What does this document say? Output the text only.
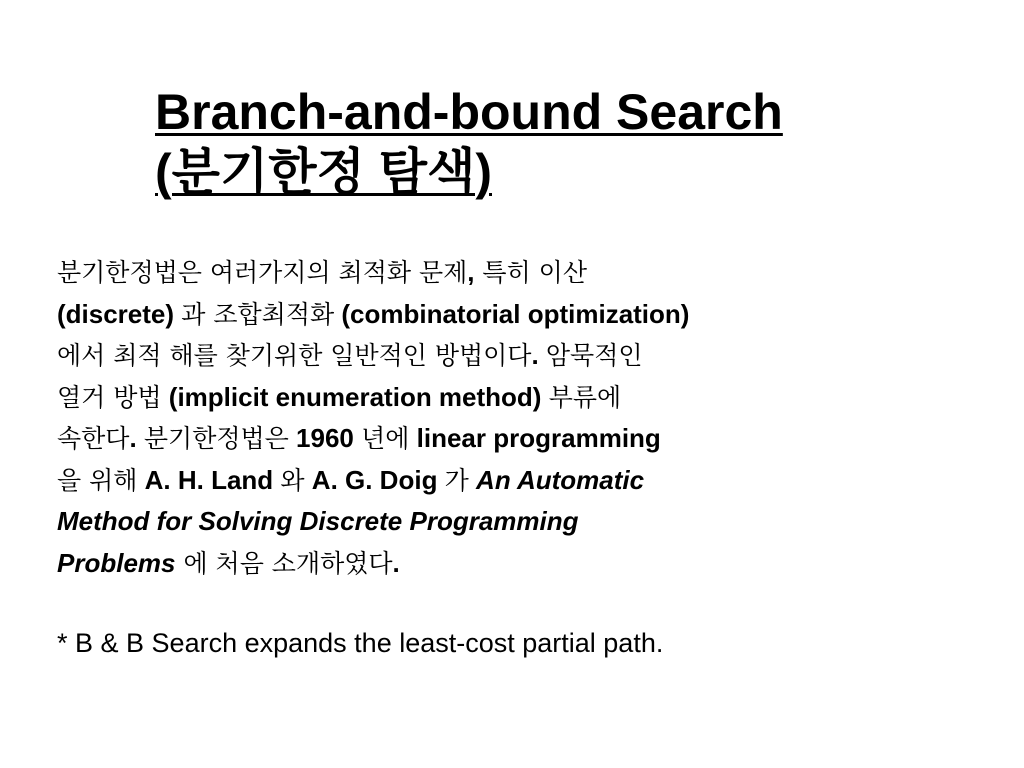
Branch-and-bound Search
(분기한정 탐색)

분기한정법은 여러가지의 최적화 문제, 특히 이산
(discrete) 과 조합최적화 (combinatorial optimization)
에서 최적 해를 찾기위한 일반적인 방법이다. 암묵적인
열거 방법 (implicit enumeration method) 부류에
속한다. 분기한정법은 1960 년에 linear programming
을 위해 A. H. Land 와 A. G. Doig 가 An Automatic
Method for Solving Discrete Programming
Problems 에 처음 소개하였다.

* B & B Search expands the least-cost partial path.
